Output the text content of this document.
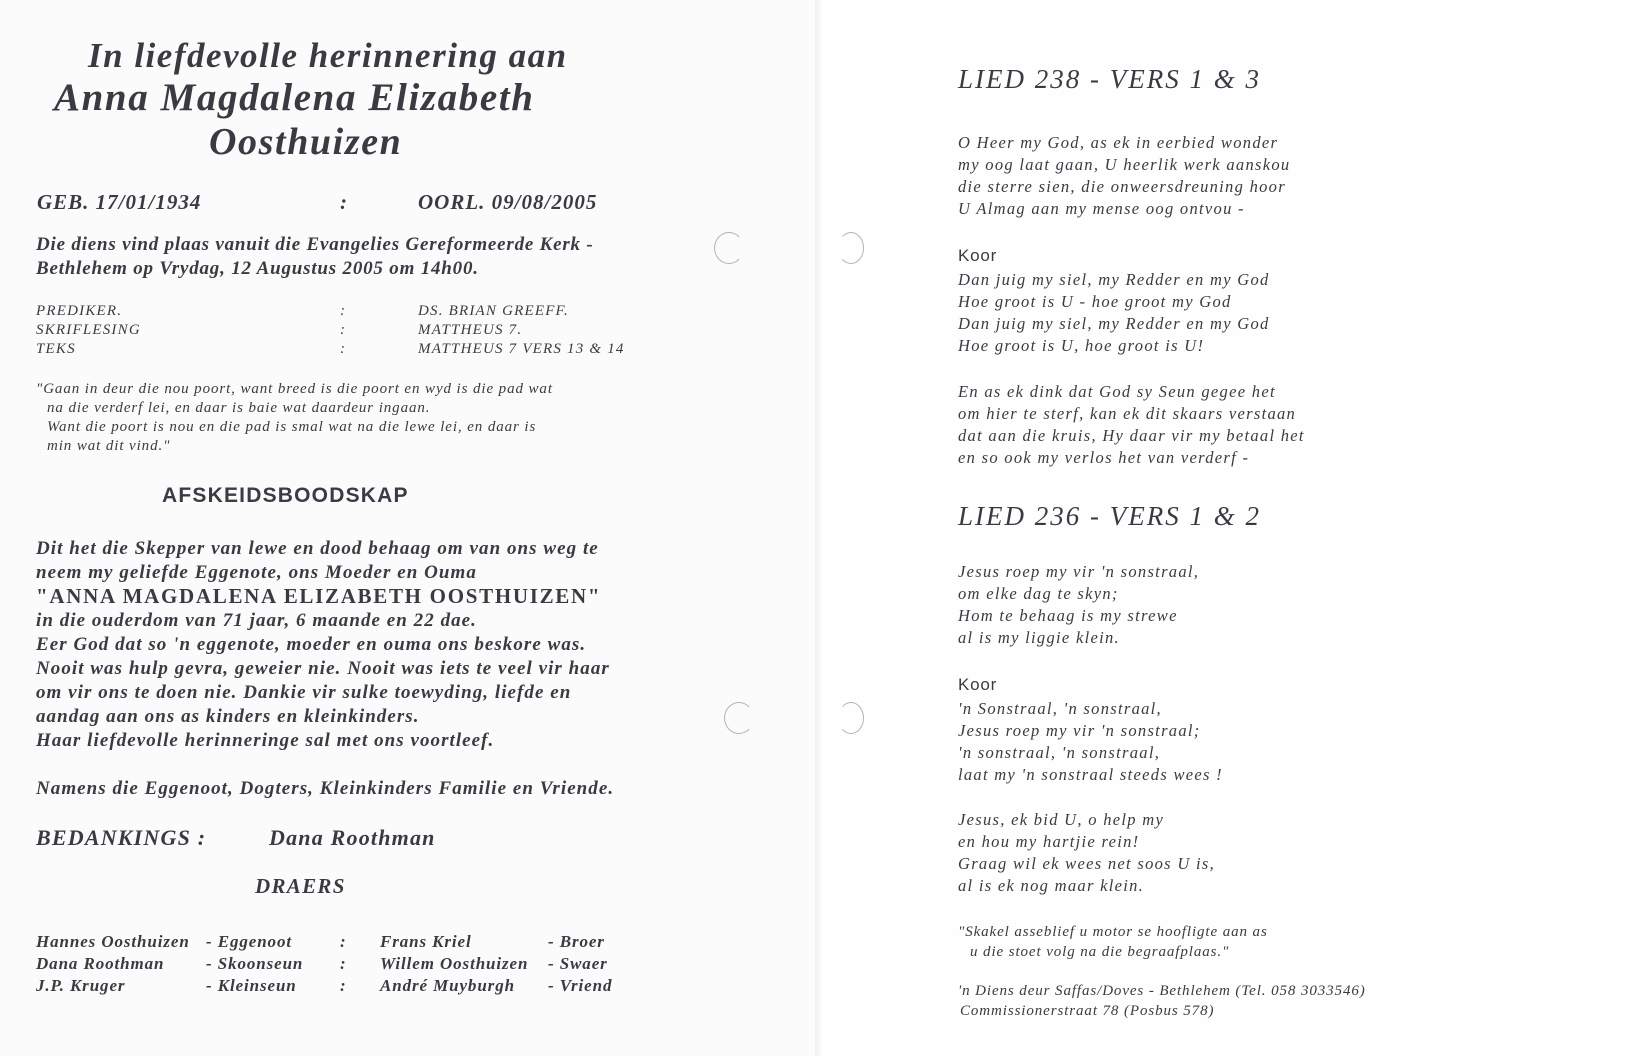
In liefdevolle herinnering aan
Anna Magdalena Elizabeth
Oosthuizen
GEB. 17/01/1934	:	OORL. 09/08/2005
Die diens vind plaas vanuit die Evangelies Gereformeerde Kerk -
Bethlehem op Vrydag, 12 Augustus 2005 om 14h00.
PREDIKER.	:	DS. BRIAN GREEFF.
SKRIFLESING	:	MATTHEUS 7.
TEKS	:	MATTHEUS 7 VERS 13 & 14
"Gaan in deur die nou poort, want breed is die poort en wyd is die pad wat
na die verderf lei, en daar is baie wat daardeur ingaan.
Want die poort is nou en die pad is smal wat na die lewe lei, en daar is
min wat dit vind."
AFSKEIDSBOODSKAP
Dit het die Skepper van lewe en dood behaag om van ons weg te
neem my geliefde Eggenote, ons Moeder en Ouma
"ANNA MAGDALENA ELIZABETH OOSTHUIZEN"
in die ouderdom van 71 jaar, 6 maande en 22 dae.
Eer God dat so 'n eggenote, moeder en ouma ons beskore was.
Nooit was hulp gevra, geweier nie. Nooit was iets te veel vir haar
om vir ons te doen nie. Dankie vir sulke toewyding, liefde en
aandag aan ons as kinders en kleinkinders.
Haar liefdevolle herinneringe sal met ons voortleef.
Namens die Eggenoot, Dogters, Kleinkinders Familie en Vriende.
BEDANKINGS :	Dana Roothman
DRAERS
Hannes Oosthuizen - Eggenoot	: Frans Kriel	- Broer
Dana Roothman - Skoonseun : Willem Oosthuizen - Swaer
J.P. Kruger	- Kleinseun	: André Muyburgh - Vriend
LIED 238 - VERS 1 & 3
O Heer my God, as ek in eerbied wonder
my oog laat gaan, U heerlik werk aanskou
die sterre sien, die onweersdreuning hoor
U Almag aan my mense oog ontvou -
Koor
Dan juig my siel, my Redder en my God
Hoe groot is U - hoe groot my God
Dan juig my siel, my Redder en my God
Hoe groot is U, hoe groot is U!
En as ek dink dat God sy Seun gegee het
om hier te sterf, kan ek dit skaars verstaan
dat aan die kruis, Hy daar vir my betaal het
en so ook my verlos het van verderf -
LIED 236 - VERS 1 & 2
Jesus roep my vir 'n sonstraal,
om elke dag te skyn;
Hom te behaag is my strewe
al is my liggie klein.
Koor
'n Sonstraal, 'n sonstraal,
Jesus roep my vir 'n sonstraal;
'n sonstraal, 'n sonstraal,
laat my 'n sonstraal steeds wees !
Jesus, ek bid U, o help my
en hou my hartjie rein!
Graag wil ek wees net soos U is,
al is ek nog maar klein.
"Skakel asseblief u motor se hoofligte aan as
u die stoet volg na die begraafplaas."
'n Diens deur Saffas/Doves - Bethlehem (Tel. 058 3033546)
Commissionerstraat 78 (Posbus 578)
